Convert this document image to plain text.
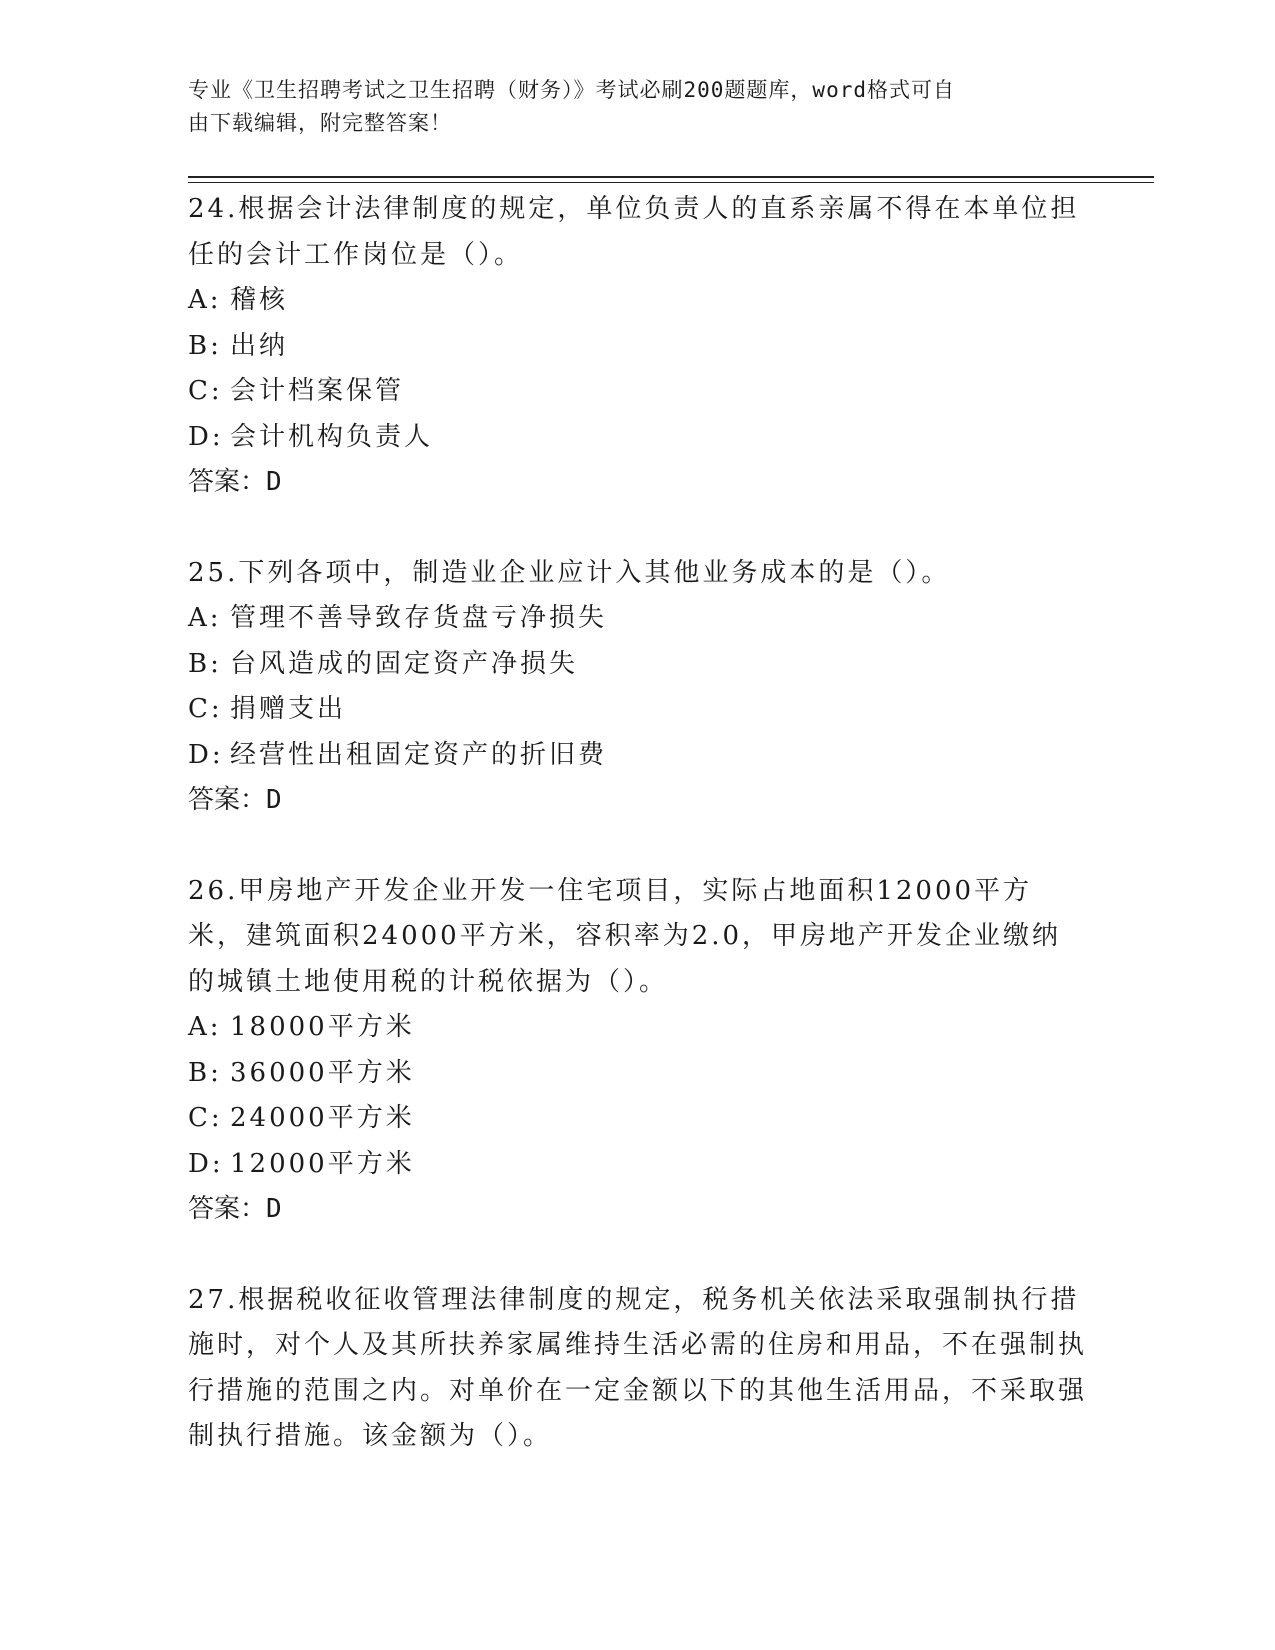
专业《卫生招聘考试之卫生招聘（财务）》考试必刷200题题库，word格式可自
由下载编辑，附完整答案！

24.根据会计法律制度的规定，单位负责人的直系亲属不得在本单位担任的会计工作岗位是（）。

A: 稽核

B: 出纳

C: 会计档案保管

D: 会计机构负责人

答案：D

25.下列各项中，制造业企业应计入其他业务成本的是（）。

A: 管理不善导致存货盘亏净损失

B: 台风造成的固定资产净损失

C: 捐赠支出

D: 经营性出租固定资产的折旧费

答案：D

26.甲房地产开发企业开发一住宅项目，实际占地面积12000平方米，建筑面积24000平方米，容积率为2.0，甲房地产开发企业缴纳的城镇土地使用税的计税依据为（）。

A: 18000平方米

B: 36000平方米

C: 24000平方米

D: 12000平方米

答案：D

27.根据税收征收管理法律制度的规定，税务机关依法采取强制执行措施时，对个人及其所扶养家属维持生活必需的住房和用品，不在强制执行措施的范围之内。对单价在一定金额以下的其他生活用品，不采取强制执行措施。该金额为（）。
